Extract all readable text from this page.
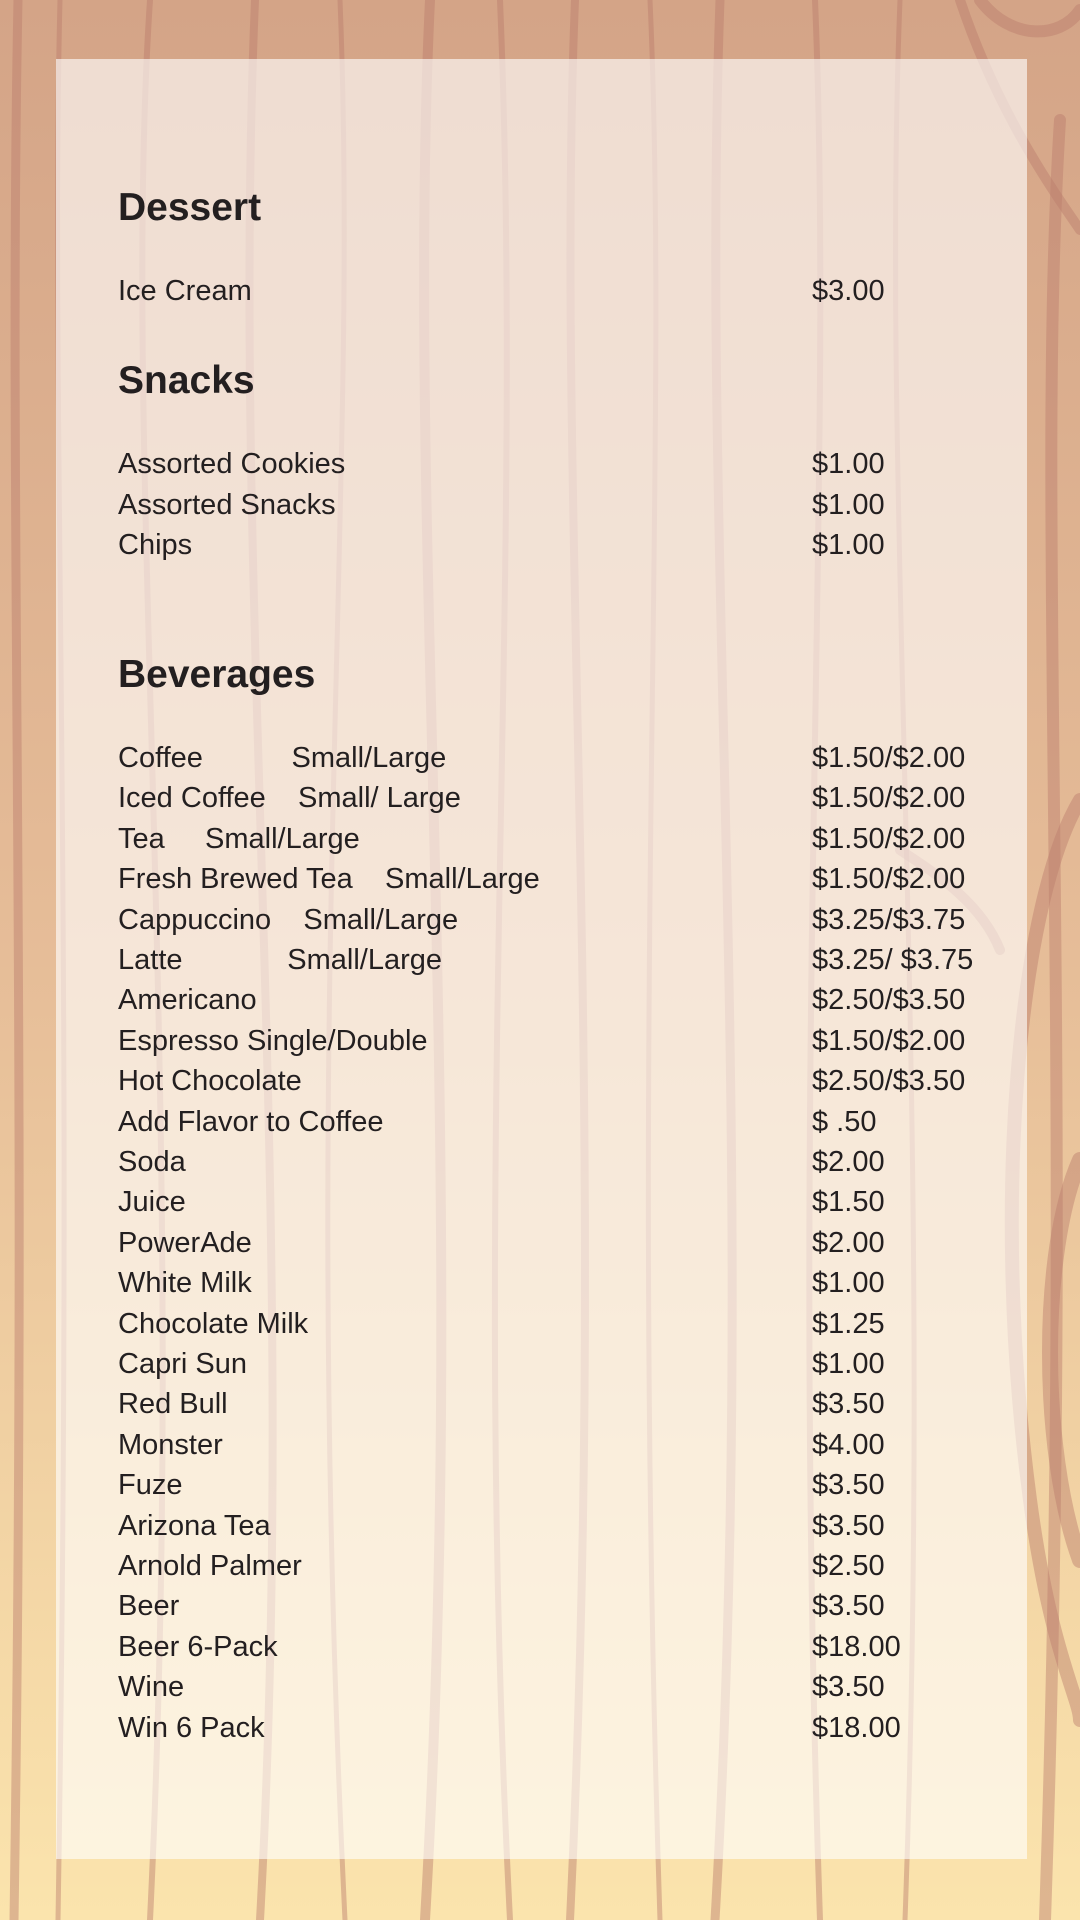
Dessert
Ice Cream	$3.00
Snacks
Assorted Cookies	$1.00
Assorted Snacks	$1.00
Chips	$1.00
Beverages
Coffee           Small/Large	$1.50/$2.00
Iced Coffee    Small/ Large	$1.50/$2.00
Tea     Small/Large	$1.50/$2.00
Fresh Brewed Tea    Small/Large	$1.50/$2.00
Cappuccino    Small/Large	$3.25/$3.75
Latte             Small/Large	$3.25/ $3.75
Americano	$2.50/$3.50
Espresso Single/Double	$1.50/$2.00
Hot Chocolate	$2.50/$3.50
Add Flavor to Coffee	$ .50
Soda	$2.00
Juice	$1.50
PowerAde	$2.00
White Milk	$1.00
Chocolate Milk	$1.25
Capri Sun	$1.00
Red Bull	$3.50
Monster	$4.00
Fuze	$3.50
Arizona Tea	$3.50
Arnold Palmer	$2.50
Beer	$3.50
Beer 6-Pack	$18.00
Wine	$3.50
Win 6 Pack	$18.00
